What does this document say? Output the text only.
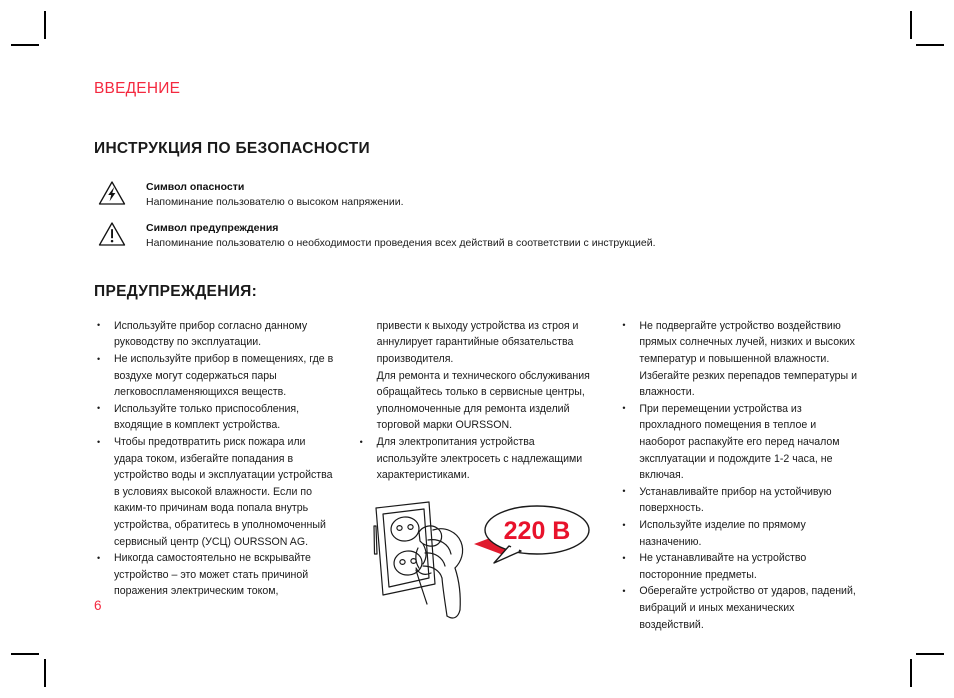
ВВЕДЕНИЕ
ИНСТРУКЦИЯ ПО БЕЗОПАСНОСТИ
Символ опасности
Напоминание пользователю о высоком напряжении.
Символ предупреждения
Напоминание пользователю о необходимости проведения всех действий в соответствии с инструкцией.
ПРЕДУПРЕЖДЕНИЯ:
• Используйте прибор согласно данному руководству по эксплуатации.
• Не используйте прибор в помещениях, где в воздухе могут содержаться пары легковоспламеняющихся веществ.
• Используйте только приспособления, входящие в комплект устройства.
• Чтобы предотвратить риск пожара или удара током, избегайте попадания в устройство воды и эксплуатации устройства в условиях высокой влажности. Если по каким-то причинам вода попала внутрь устройства, обратитесь в уполномоченный сервисный центр (УСЦ) OURSSON AG.
• Никогда самостоятельно не вскрывайте устройство – это может стать причиной поражения электрическим током,
привести к выходу устройства из строя и аннулирует гарантийные обязательства производителя.
Для ремонта и технического обслуживания обращайтесь только в сервисные центры, уполномоченные для ремонта изделий торговой марки OURSSON.
• Для электропитания устройства используйте электросеть с надлежащими характеристиками.
220 В
• Не подвергайте устройство воздействию прямых солнечных лучей, низких и высоких температур и повышенной влажности. Избегайте резких перепадов температуры и влажности.
• При перемещении устройства из прохладного помещения в теплое и наоборот распакуйте его перед началом эксплуатации и подождите 1-2 часа, не включая.
• Устанавливайте прибор на устойчивую поверхность.
• Используйте изделие по прямому назначению.
• Не устанавливайте на устройство посторонние предметы.
• Оберегайте устройство от ударов, падений, вибраций и иных механических воздействий.
6
